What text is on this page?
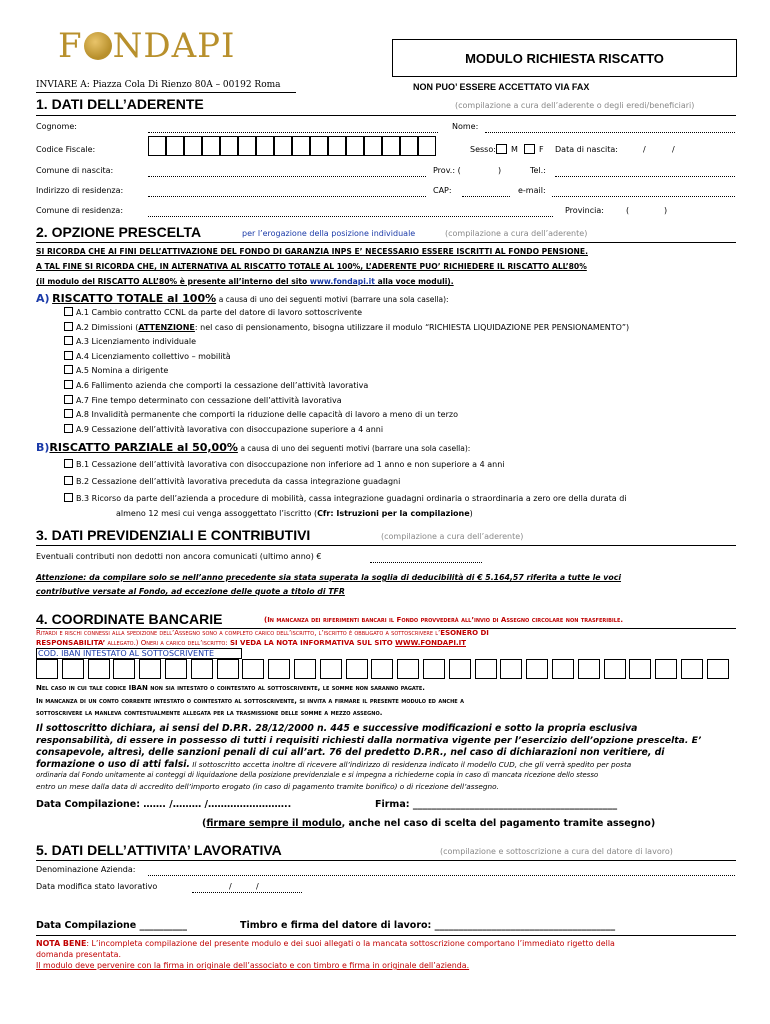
F NDAPI	MODULO RICHIESTA RISCATTO
INVIARE A: Piazza Cola Di Rienzo 80A – 00192 Roma	NON PUO’ ESSERE ACCETTATO VIA FAX
1. DATI DELL’ADERENTE	(compilazione a cura dell’aderente o degli eredi/beneficiari)
Cognome:	Nome:
Codice Fiscale:	Sesso: M	F Data di nascita:	/	/
Comune di nascita:	Prov.: (	)	Tel.:
Indirizzo di residenza:	CAP:	e-mail:
Comune di residenza:	Provincia:	(	)
2. OPZIONE PRESCELTA	per l’erogazione della posizione individuale	(compilazione a cura dell’aderente)
SI RICORDA CHE AI FINI DELL’ATTIVAZIONE DEL FONDO DI GARANZIA INPS E’ NECESSARIO ESSERE ISCRITTI AL FONDO PENSIONE.
A TAL FINE SI RICORDA CHE, IN ALTERNATIVA AL RISCATTO TOTALE AL 100%, L’ADERENTE PUO’ RICHIEDERE IL RISCATTO ALL’80%
(il modulo del RISCATTO ALL’80% è presente all’interno del sito www.fondapi.it alla voce moduli).
A) RISCATTO TOTALE al 100% a causa di uno dei seguenti motivi (barrare una sola casella):
A.1 Cambio contratto CCNL da parte del datore di lavoro sottoscrivente
A.2 Dimissioni (ATTENZIONE: nel caso di pensionamento, bisogna utilizzare il modulo “RICHIESTA LIQUIDAZIONE PER PENSIONAMENTO”)
A.3 Licenziamento individuale
A.4 Licenziamento collettivo – mobilità
A.5 Nomina a dirigente
A.6 Fallimento azienda che comporti la cessazione dell’attività lavorativa
A.7 Fine tempo determinato con cessazione dell’attività lavorativa
A.8 Invalidità permanente che comporti la riduzione delle capacità di lavoro a meno di un terzo
A.9 Cessazione dell’attività lavorativa con disoccupazione superiore a 4 anni
B)RISCATTO PARZIALE al 50,00% a causa di uno dei seguenti motivi (barrare una sola casella):
B.1 Cessazione dell’attività lavorativa con disoccupazione non inferiore ad 1 anno e non superiore a 4 anni
B.2 Cessazione dell’attività lavorativa preceduta da cassa integrazione guadagni
B.3 Ricorso da parte dell’azienda a procedure di mobilità, cassa integrazione guadagni ordinaria o straordinaria a zero ore della durata di
almeno 12 mesi cui venga assoggettato l’iscritto (Cfr: Istruzioni per la compilazione)
3. DATI PREVIDENZIALI E CONTRIBUTIVI	(compilazione a cura dell’aderente)
Eventuali contributi non dedotti non ancora comunicati (ultimo anno) €
Attenzione: da compilare solo se nell’anno precedente sia stata superata la soglia di deducibilità di € 5.164,57 riferita a tutte le voci
contributive versate al Fondo, ad eccezione delle quote a titolo di TFR
4. COORDINATE BANCARIE	(In mancanza dei riferimenti bancari il Fondo provvederà all’invio di Assegno circolare non trasferibile.
Ritardi e rischi connessi alla spedizione dell’Assegno sono a completo carico dell’iscritto, l’iscritto è obbligato a sottoscrivere l’ESONERO DI
RESPONSABILITA’ allegato.) Oneri a carico dell’iscritto: SI VEDA LA NOTA INFORMATIVA SUL SITO WWW.FONDAPI.IT
COD. IBAN INTESTATO AL SOTTOSCRIVENTE
Nel caso in cui tale codice IBAN non sia intestato o cointestato al sottoscrivente, le somme non saranno pagate.
In mancanza di un conto corrente intestato o cointestato al sottoscrivente, si invita a firmare il presente modulo ed anche a
sottoscrivere la manleva contestualmente allegata per la trasmissione delle somme a mezzo assegno.
Il sottoscritto dichiara, ai sensi del D.P.R. 28/12/2000 n. 445 e successive modificazioni e sotto la propria esclusiva
responsabilità, di essere in possesso di tutti i requisiti richiesti dalla normativa vigente per l’esercizio dell’opzione prescelta. E’
consapevole, altresì, delle sanzioni penali di cui all’art. 76 del predetto D.P.R., nel caso di dichiarazioni non veritiere, di
formazione o uso di atti falsi. Il sottoscritto accetta inoltre di ricevere all’indirizzo di residenza indicato il modello CUD, che gli verrà spedito per posta
ordinaria dal Fondo unitamente ai conteggi di liquidazione della posizione previdenziale e si impegna a richiederne copia in caso di mancata ricezione dello stesso
entro un mese dalla data di accredito dell’importo erogato (in caso di pagamento tramite bonifico) o di ricezione dell’assegno.
Data Compilazione: ……. /……… /……………………..	Firma: ___________________________________________
(firmare sempre il modulo, anche nel caso di scelta del pagamento tramite assegno)
5. DATI DELL’ATTIVITA’ LAVORATIVA	(compilazione e sottoscrizione a cura del datore di lavoro)
Denominazione Azienda:
Data modifica stato lavorativo	/	/
Data Compilazione __________	Timbro e firma del datore di lavoro: ______________________________________
NOTA BENE: L’incompleta compilazione del presente modulo e dei suoi allegati o la mancata sottoscrizione comportano l’immediato rigetto della
domanda presentata.
Il modulo deve pervenire con la firma in originale dell’associato e con timbro e firma in originale dell’azienda.
